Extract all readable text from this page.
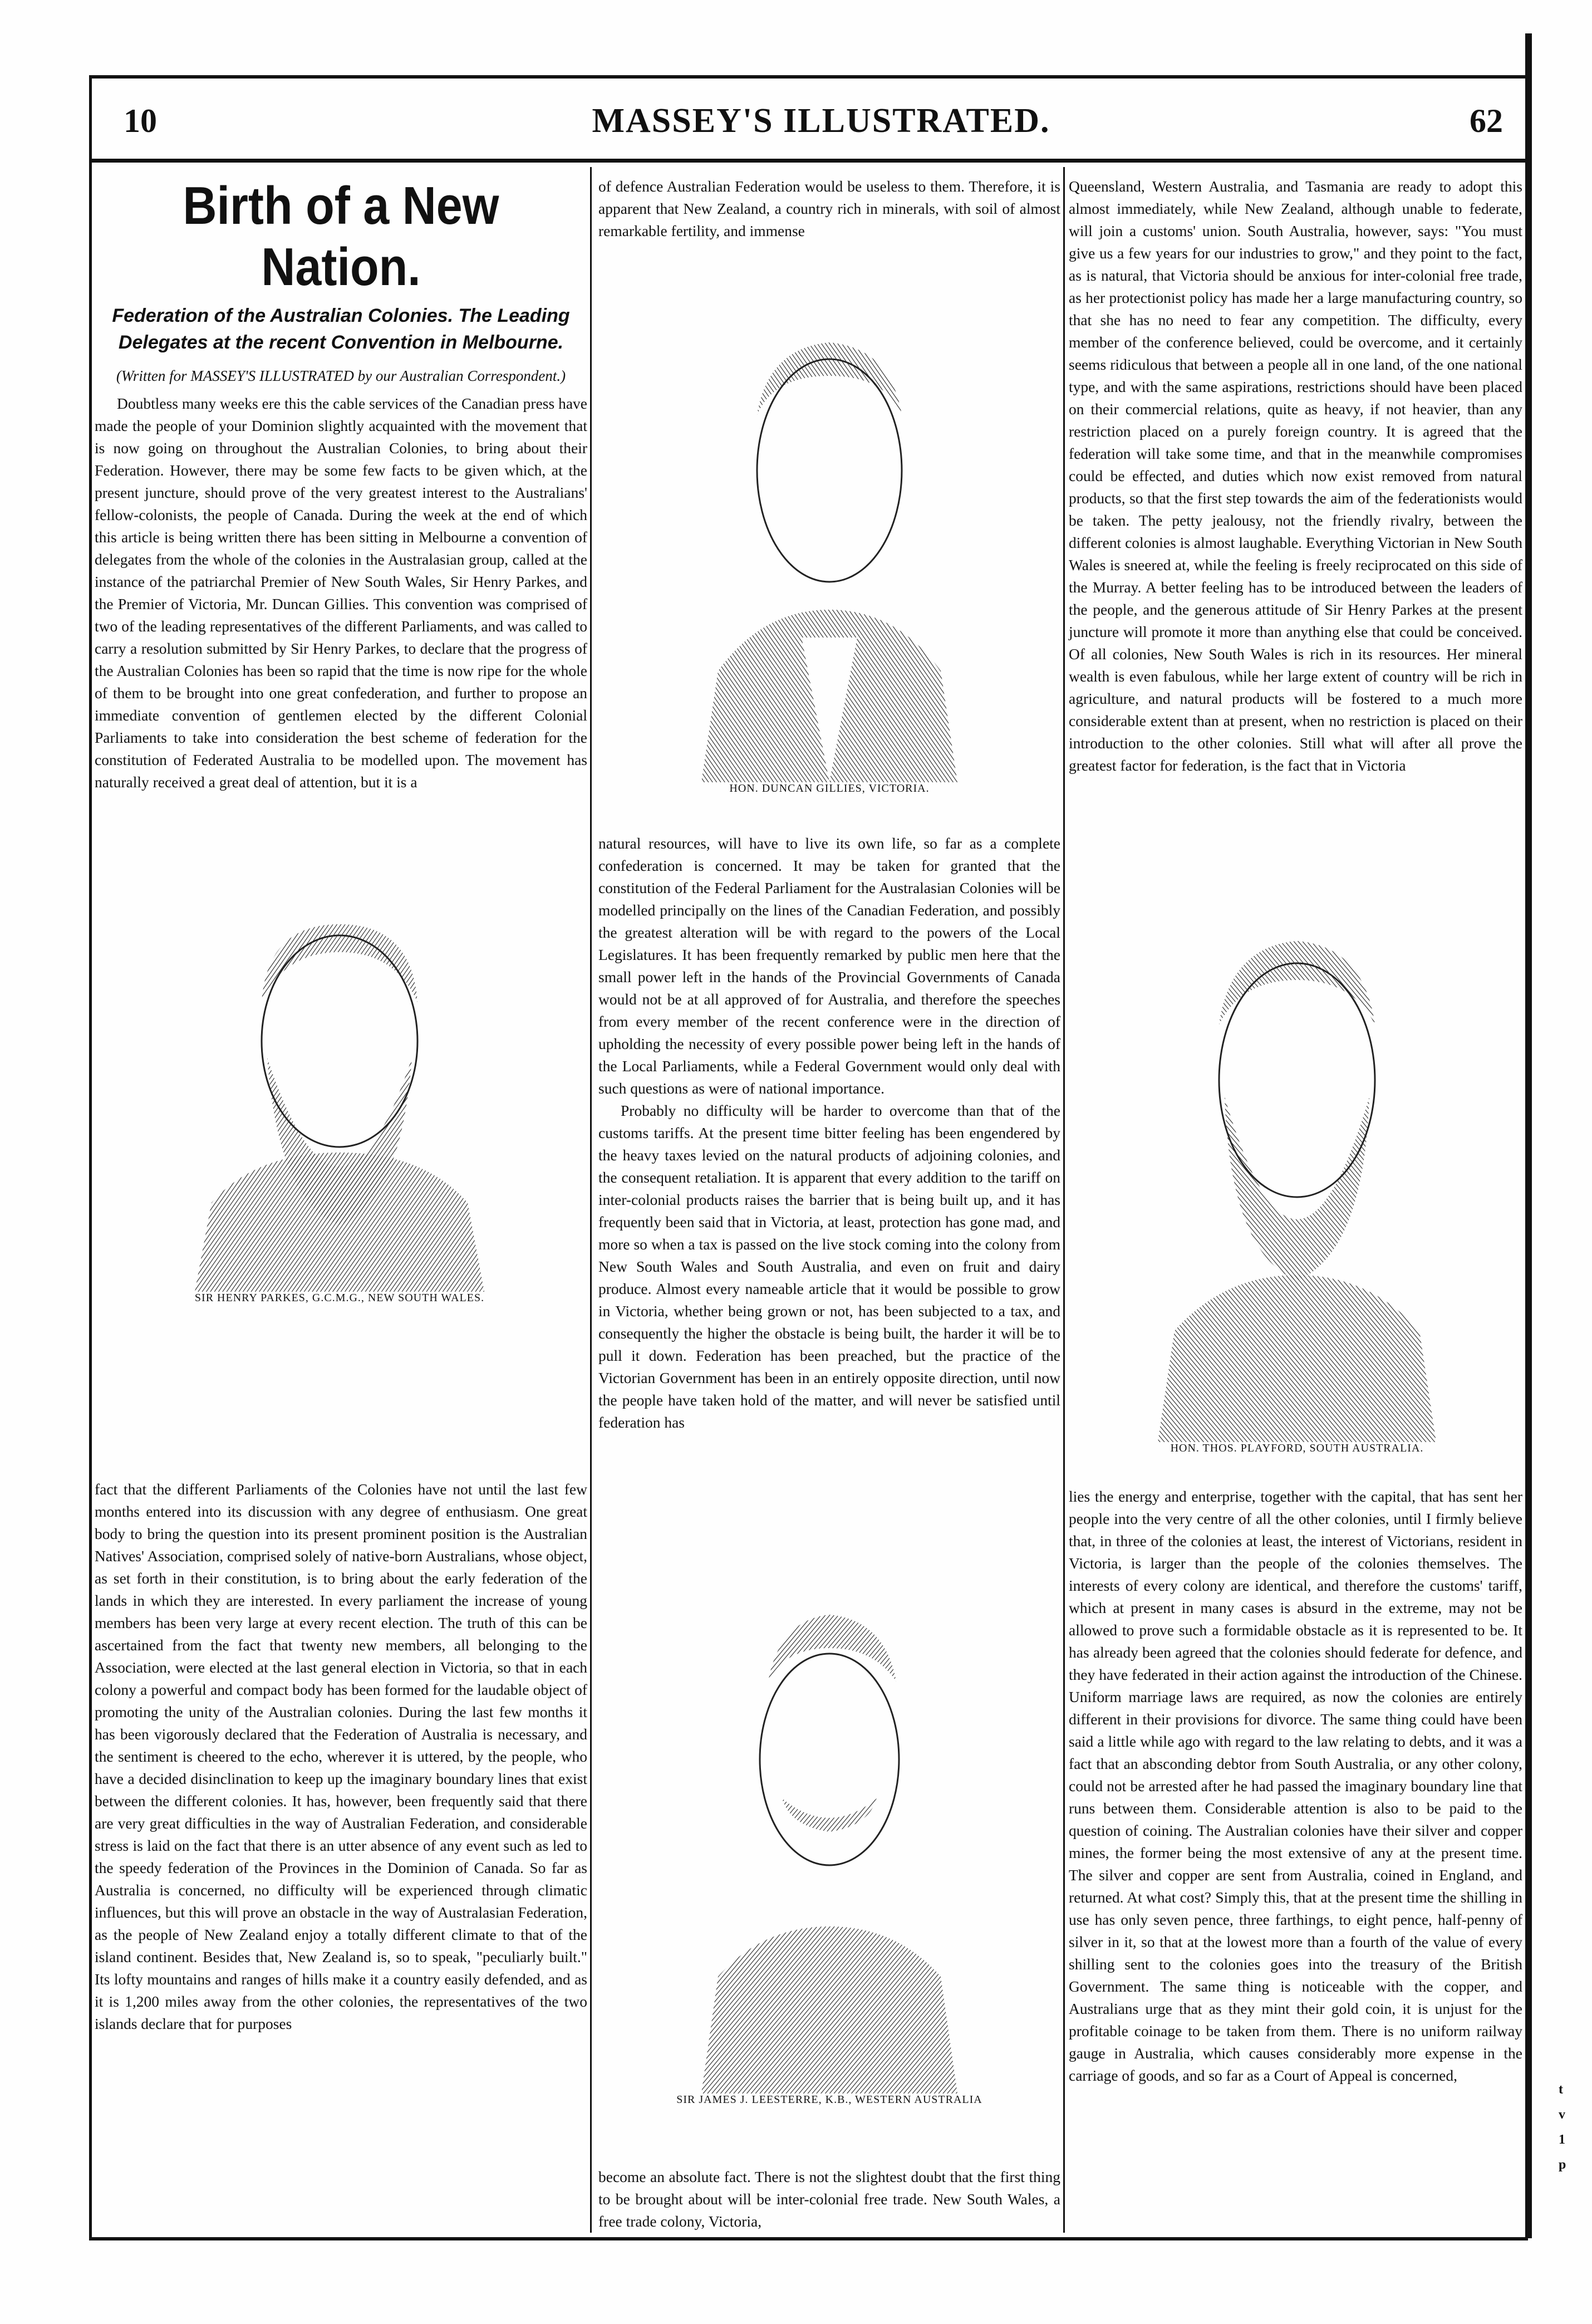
10	MASSEY'S ILLUSTRATED.	62
Birth of a New Nation.

Federation of the Australian Colonies. The Leading Delegates at the recent Convention in Melbourne.

(Written for MASSEY'S ILLUSTRATED by our Australian Correspondent.)

Doubtless many weeks ere this the cable services of the Canadian press have made the people of your Dominion slightly acquainted with the movement that is now going on throughout the Australian Colonies, to bring about their Federation. However, there may be some few facts to be given which, at the present juncture, should prove of the very greatest interest to the Australians' fellow-colonists, the people of Canada. During the week at the end of which this article is being written there has been sitting in Melbourne a convention of delegates from the whole of the colonies in the Australasian group, called at the instance of the patriarchal Premier of New South Wales, Sir Henry Parkes, and the Premier of Victoria, Mr. Duncan Gillies. This convention was comprised of two of the leading representatives of the different Parliaments, and was called to carry a resolution submitted by Sir Henry Parkes, to declare that the progress of the Australian Colonies has been so rapid that the time is now ripe for the whole of them to be brought into one great confederation, and further to propose an immediate convention of gentlemen elected by the different Colonial Parliaments to take into consideration the best scheme of federation for the constitution of Federated Australia to be modelled upon. The movement has naturally received a great deal of attention, but it is a

SIR HENRY PARKES, G.C.M.G., NEW SOUTH WALES.

fact that the different Parliaments of the Colonies have not until the last few months entered into its discussion with any degree of enthusiasm. One great body to bring the question into its present prominent position is the Australian Natives' Association, comprised solely of native-born Australians, whose object, as set forth in their constitution, is to bring about the early federation of the lands in which they are interested. In every parliament the increase of young members has been very large at every recent election. The truth of this can be ascertained from the fact that twenty new members, all belonging to the Association, were elected at the last general election in Victoria, so that in each colony a powerful and compact body has been formed for the laudable object of promoting the unity of the Australian colonies. During the last few months it has been vigorously declared that the Federation of Australia is necessary, and the sentiment is cheered to the echo, wherever it is uttered, by the people, who have a decided disinclination to keep up the imaginary boundary lines that exist between the different colonies. It has, however, been frequently said that there are very great difficulties in the way of Australian Federation, and considerable stress is laid on the fact that there is an utter absence of any event such as led to the speedy federation of the Provinces in the Dominion of Canada. So far as Australia is concerned, no difficulty will be experienced through climatic influences, but this will prove an obstacle in the way of Australasian Federation, as the people of New Zealand enjoy a totally different climate to that of the island continent. Besides that, New Zealand is, so to speak, "peculiarly built." Its lofty mountains and ranges of hills make it a country easily defended, and as it is 1,200 miles away from the other colonies, the representatives of the two islands declare that for purposes

of defence Australian Federation would be useless to them. Therefore, it is apparent that New Zealand, a country rich in minerals, with soil of almost remarkable fertility, and immense

HON. DUNCAN GILLIES, VICTORIA.

natural resources, will have to live its own life, so far as a complete confederation is concerned. It may be taken for granted that the constitution of the Federal Parliament for the Australasian Colonies will be modelled principally on the lines of the Canadian Federation, and possibly the greatest alteration will be with regard to the powers of the Local Legislatures. It has been frequently remarked by public men here that the small power left in the hands of the Provincial Governments of Canada would not be at all approved of for Australia, and therefore the speeches from every member of the recent conference were in the direction of upholding the necessity of every possible power being left in the hands of the Local Parliaments, while a Federal Government would only deal with such questions as were of national importance.

Probably no difficulty will be harder to overcome than that of the customs tariffs. At the present time bitter feeling has been engendered by the heavy taxes levied on the natural products of adjoining colonies, and the consequent retaliation. It is apparent that every addition to the tariff on inter-colonial products raises the barrier that is being built up, and it has frequently been said that in Victoria, at least, protection has gone mad, and more so when a tax is passed on the live stock coming into the colony from New South Wales and South Australia, and even on fruit and dairy produce. Almost every nameable article that it would be possible to grow in Victoria, whether being grown or not, has been subjected to a tax, and consequently the higher the obstacle is being built, the harder it will be to pull it down. Federation has been preached, but the practice of the Victorian Government has been in an entirely opposite direction, until now the people have taken hold of the matter, and will never be satisfied until federation has

SIR JAMES J. LEESTERRE, K.B., WESTERN AUSTRALIA

become an absolute fact. There is not the slightest doubt that the first thing to be brought about will be inter-colonial free trade. New South Wales, a free trade colony, Victoria,

Queensland, Western Australia, and Tasmania are ready to adopt this almost immediately, while New Zealand, although unable to federate, will join a customs' union. South Australia, however, says: "You must give us a few years for our industries to grow," and they point to the fact, as is natural, that Victoria should be anxious for inter-colonial free trade, as her protectionist policy has made her a large manufacturing country, so that she has no need to fear any competition. The difficulty, every member of the conference believed, could be overcome, and it certainly seems ridiculous that between a people all in one land, of the one national type, and with the same aspirations, restrictions should have been placed on their commercial relations, quite as heavy, if not heavier, than any restriction placed on a purely foreign country. It is agreed that the federation will take some time, and that in the meanwhile compromises could be effected, and duties which now exist removed from natural products, so that the first step towards the aim of the federationists would be taken. The petty jealousy, not the friendly rivalry, between the different colonies is almost laughable. Everything Victorian in New South Wales is sneered at, while the feeling is freely reciprocated on this side of the Murray. A better feeling has to be introduced between the leaders of the people, and the generous attitude of Sir Henry Parkes at the present juncture will promote it more than anything else that could be conceived. Of all colonies, New South Wales is rich in its resources. Her mineral wealth is even fabulous, while her large extent of country will be rich in agriculture, and natural products will be fostered to a much more considerable extent than at present, when no restriction is placed on their introduction to the other colonies. Still what will after all prove the greatest factor for federation, is the fact that in Victoria

HON. THOS. PLAYFORD, SOUTH AUSTRALIA.

lies the energy and enterprise, together with the capital, that has sent her people into the very centre of all the other colonies, until I firmly believe that, in three of the colonies at least, the interest of Victorians, resident in Victoria, is larger than the people of the colonies themselves. The interests of every colony are identical, and therefore the customs' tariff, which at present in many cases is absurd in the extreme, may not be allowed to prove such a formidable obstacle as it is represented to be. It has already been agreed that the colonies should federate for defence, and they have federated in their action against the introduction of the Chinese. Uniform marriage laws are required, as now the colonies are entirely different in their provisions for divorce. The same thing could have been said a little while ago with regard to the law relating to debts, and it was a fact that an absconding debtor from South Australia, or any other colony, could not be arrested after he had passed the imaginary boundary line that runs between them. Considerable attention is also to be paid to the question of coining. The Australian colonies have their silver and copper mines, the former being the most extensive of any at the present time. The silver and copper are sent from Australia, coined in England, and returned. At what cost? Simply this, that at the present time the shilling in use has only seven pence, three farthings, to eight pence, half-penny of silver in it, so that at the lowest more than a fourth of the value of every shilling sent to the colonies goes into the treasury of the British Government. The same thing is noticeable with the copper, and Australians urge that as they mint their gold coin, it is unjust for the profitable coinage to be taken from them. There is no uniform railway gauge in Australia, which causes considerably more expense in the carriage of goods, and so far as a Court of Appeal is concerned,

t
v
1
p
